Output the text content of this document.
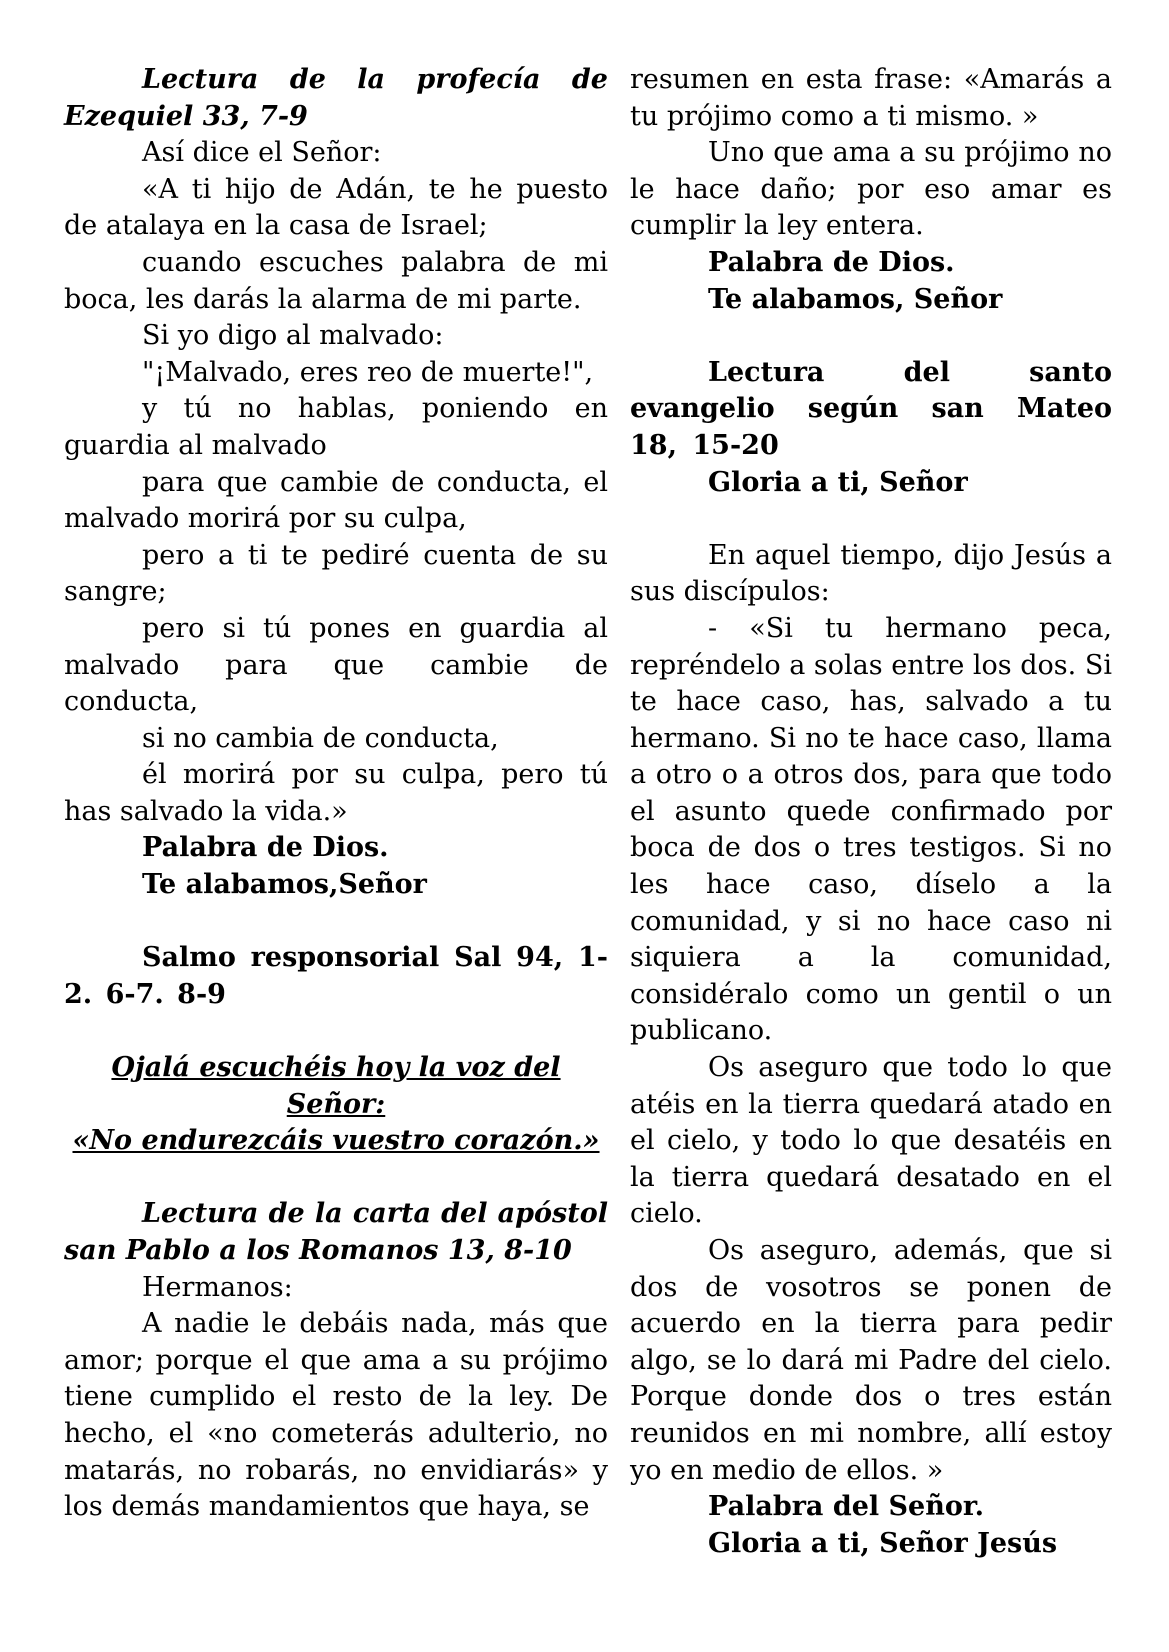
Lectura de la profecía de Ezequiel 33, 7-9

Así dice el Señor:

«A ti hijo de Adán, te he puesto de atalaya en la casa de Israel;

cuando escuches palabra de mi boca, les darás la alarma de mi parte.

Si yo digo al malvado:

"¡Malvado, eres reo de muerte!",

y tú no hablas, poniendo en guardia al malvado

para que cambie de conducta, el malvado morirá por su culpa,

pero a ti te pediré cuenta de su sangre;

pero si tú pones en guardia al malvado para que cambie de conducta,

si no cambia de conducta,

él morirá por su culpa, pero tú has salvado la vida.»

Palabra de Dios.

Te alabamos,Señor

Salmo responsorial Sal 94, 1-2. 6-7. 8-9

Ojalá escuchéis hoy la voz del Señor:

«No endurezcáis vuestro corazón.»

Lectura de la carta del apóstol san Pablo a los Romanos 13, 8-10

Hermanos:

A nadie le debáis nada, más que amor; porque el que ama a su prójimo tiene cumplido el resto de la ley. De hecho, el «no cometerás adulterio, no matarás, no robarás, no envidiarás» y los demás mandamientos que haya, se

resumen en esta frase: «Amarás a tu prójimo como a ti mismo. »

Uno que ama a su prójimo no le hace daño; por eso amar es cumplir la ley entera.

Palabra de Dios.

Te alabamos, Señor

Lectura del santo evangelio según san Mateo 18, 15-20

Gloria a ti, Señor

En aquel tiempo, dijo Jesús a sus discípulos:

- «Si tu hermano peca, repréndelo a solas entre los dos. Si te hace caso, has, salvado a tu hermano. Si no te hace caso, llama a otro o a otros dos, para que todo el asunto quede confirmado por boca de dos o tres testigos. Si no les hace caso, díselo a la comunidad, y si no hace caso ni siquiera a la comunidad, considéralo como un gentil o un publicano.

Os aseguro que todo lo que atéis en la tierra quedará atado en el cielo, y todo lo que desatéis en la tierra quedará desatado en el cielo.

Os aseguro, además, que si dos de vosotros se ponen de acuerdo en la tierra para pedir algo, se lo dará mi Padre del cielo. Porque donde dos o tres están reunidos en mi nombre, allí estoy yo en medio de ellos. »

Palabra del Señor.

Gloria a ti, Señor Jesús
